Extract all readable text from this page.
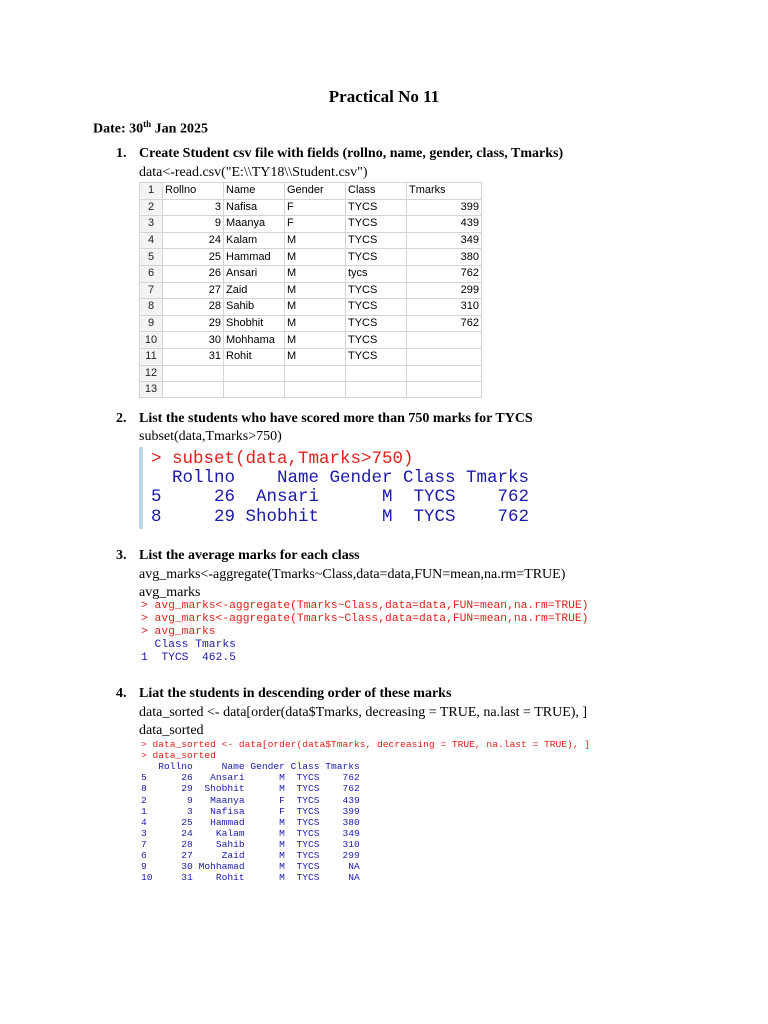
Practical No 11
Date: 30th Jan 2025
1. Create Student csv file with fields (rollno, name, gender, class, Tmarks)
data<-read.csv("E:\\TY18\\Student.csv")
1	Rollno	Name	Gender	Class	Tmarks
2	3	Nafisa	F	TYCS	399
3	9	Maanya	F	TYCS	439
4	24	Kalam	M	TYCS	349
5	25	Hammad	M	TYCS	380
6	26	Ansari	M	tycs	762
7	27	Zaid	M	TYCS	299
8	28	Sahib	M	TYCS	310
9	29	Shobhit	M	TYCS	762
10	30	Mohhama	M	TYCS	
11	31	Rohit	M	TYCS	
12					
13					
2. List the students who have scored more than 750 marks for TYCS
subset(data,Tmarks>750)
> subset(data,Tmarks>750)
Rollno    Name Gender Class Tmarks
5     26  Ansari      M  TYCS    762
8     29 Shobhit      M  TYCS    762
3. List the average marks for each class
avg_marks<-aggregate(Tmarks~Class,data=data,FUN=mean,na.rm=TRUE)
avg_marks
> avg_marks<-aggregate(Tmarks~Class,data=data,FUN=mean,na.rm=TRUE)
> avg_marks<-aggregate(Tmarks~Class,data=data,FUN=mean,na.rm=TRUE)
> avg_marks
Class Tmarks
1  TYCS  462.5
4. Liat the students in descending order of these marks
data_sorted <- data[order(data$Tmarks, decreasing = TRUE, na.last = TRUE), ]
data_sorted
> data_sorted <- data[order(data$Tmarks, decreasing = TRUE, na.last = TRUE), ]
> data_sorted
Rollno     Name Gender Class Tmarks
5      26   Ansari      M  TYCS    762
8      29  Shobhit      M  TYCS    762
2       9   Maanya      F  TYCS    439
1       3   Nafisa      F  TYCS    399
4      25   Hammad      M  TYCS    380
3      24    Kalam      M  TYCS    349
7      28    Sahib      M  TYCS    310
6      27     Zaid      M  TYCS    299
9      30 Mohhamad      M  TYCS     NA
10     31    Rohit      M  TYCS     NA
